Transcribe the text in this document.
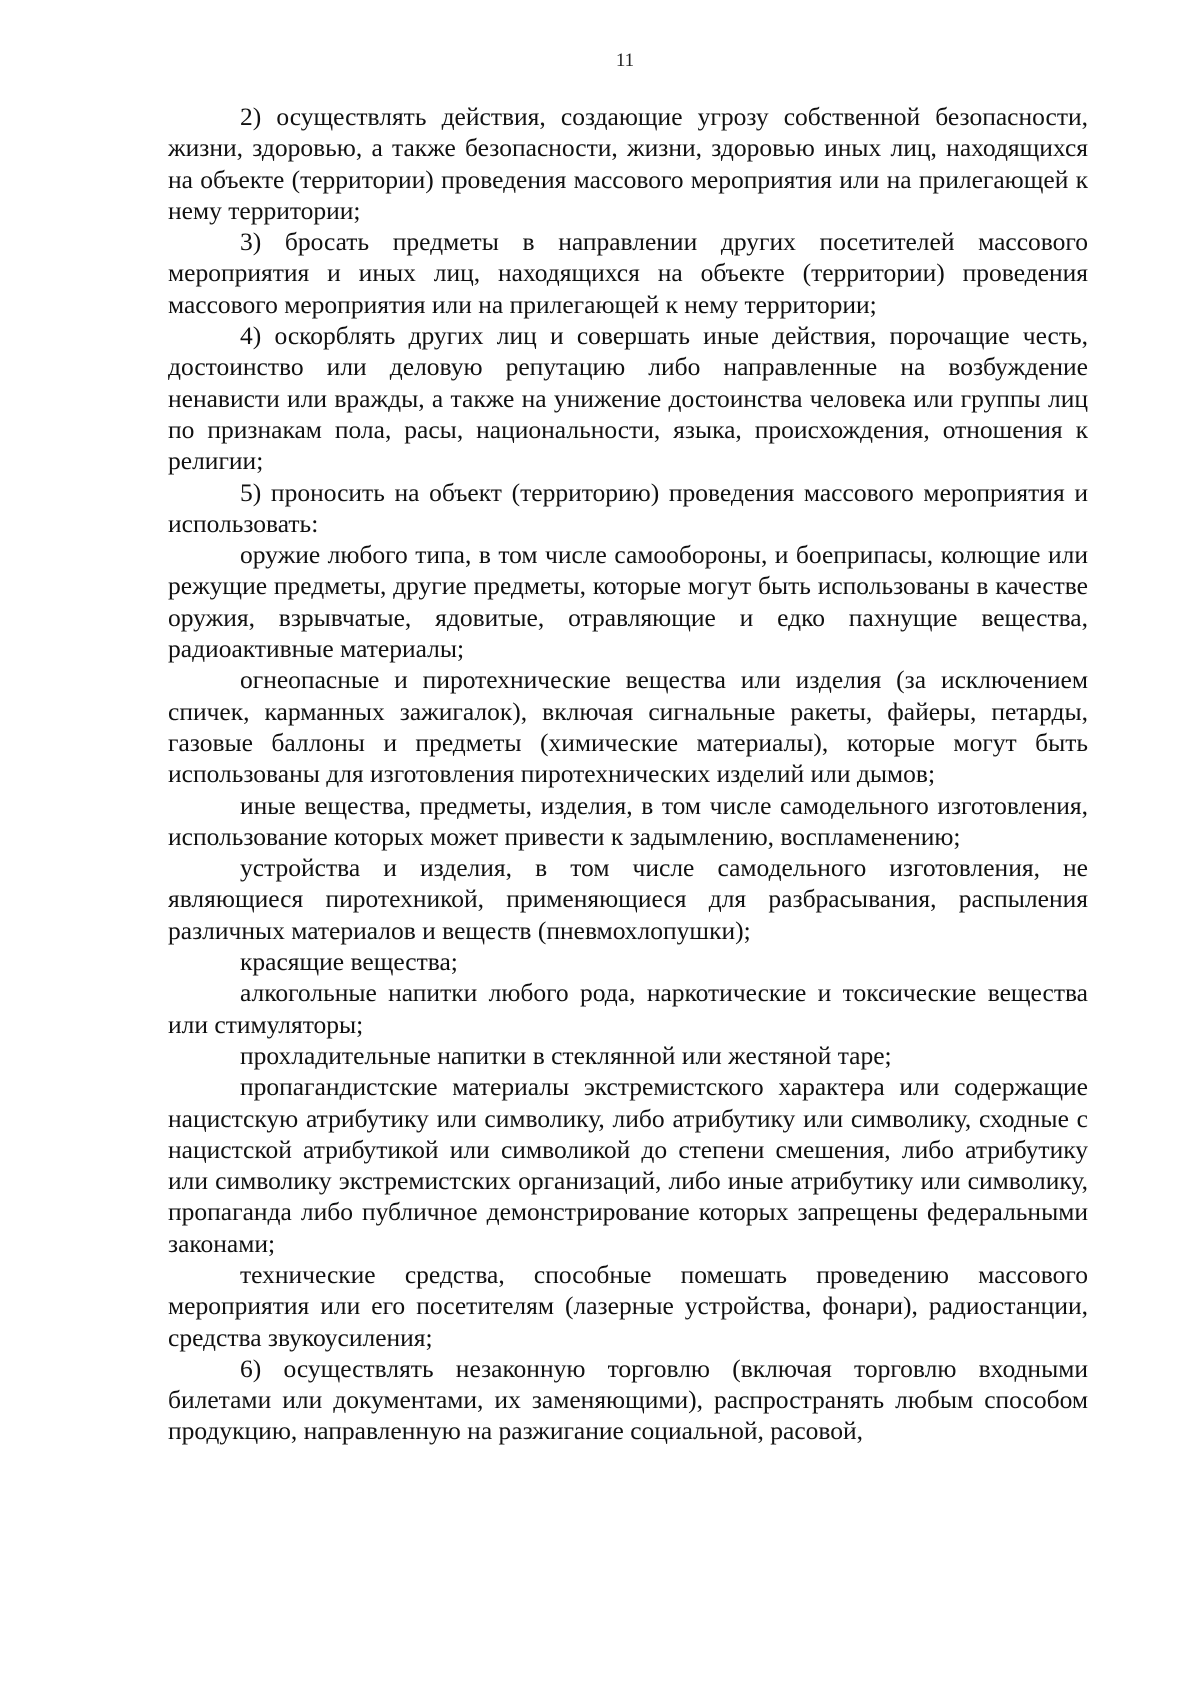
11

2) осуществлять действия, создающие угрозу собственной безопасности, жизни, здоровью, а также безопасности, жизни, здоровью иных лиц, находящихся на объекте (территории) проведения массового мероприятия или на прилегающей к нему территории;

3) бросать предметы в направлении других посетителей массового мероприятия и иных лиц, находящихся на объекте (территории) проведения массового мероприятия или на прилегающей к нему территории;

4) оскорблять других лиц и совершать иные действия, порочащие честь, достоинство или деловую репутацию либо направленные на возбуждение ненависти или вражды, а также на унижение достоинства человека или группы лиц по признакам пола, расы, национальности, языка, происхождения, отношения к религии;

5) проносить на объект (территорию) проведения массового мероприятия и использовать:

оружие любого типа, в том числе самообороны, и боеприпасы, колющие или режущие предметы, другие предметы, которые могут быть использованы в качестве оружия, взрывчатые, ядовитые, отравляющие и едко пахнущие вещества, радиоактивные материалы;

огнеопасные и пиротехнические вещества или изделия (за исключением спичек, карманных зажигалок), включая сигнальные ракеты, файеры, петарды, газовые баллоны и предметы (химические материалы), которые могут быть использованы для изготовления пиротехнических изделий или дымов;

иные вещества, предметы, изделия, в том числе самодельного изготовления, использование которых может привести к задымлению, воспламенению;

устройства и изделия, в том числе самодельного изготовления, не являющиеся пиротехникой, применяющиеся для разбрасывания, распыления различных материалов и веществ (пневмохлопушки);

красящие вещества;

алкогольные напитки любого рода, наркотические и токсические вещества или стимуляторы;

прохладительные напитки в стеклянной или жестяной таре;

пропагандистские материалы экстремистского характера или содержащие нацистскую атрибутику или символику, либо атрибутику или символику, сходные с нацистской атрибутикой или символикой до степени смешения, либо атрибутику или символику экстремистских организаций, либо иные атрибутику или символику, пропаганда либо публичное демонстрирование которых запрещены федеральными законами;

технические средства, способные помешать проведению массового мероприятия или его посетителям (лазерные устройства, фонари), радиостанции, средства звукоусиления;

6) осуществлять незаконную торговлю (включая торговлю входными билетами или документами, их заменяющими), распространять любым способом продукцию, направленную на разжигание социальной, расовой,
